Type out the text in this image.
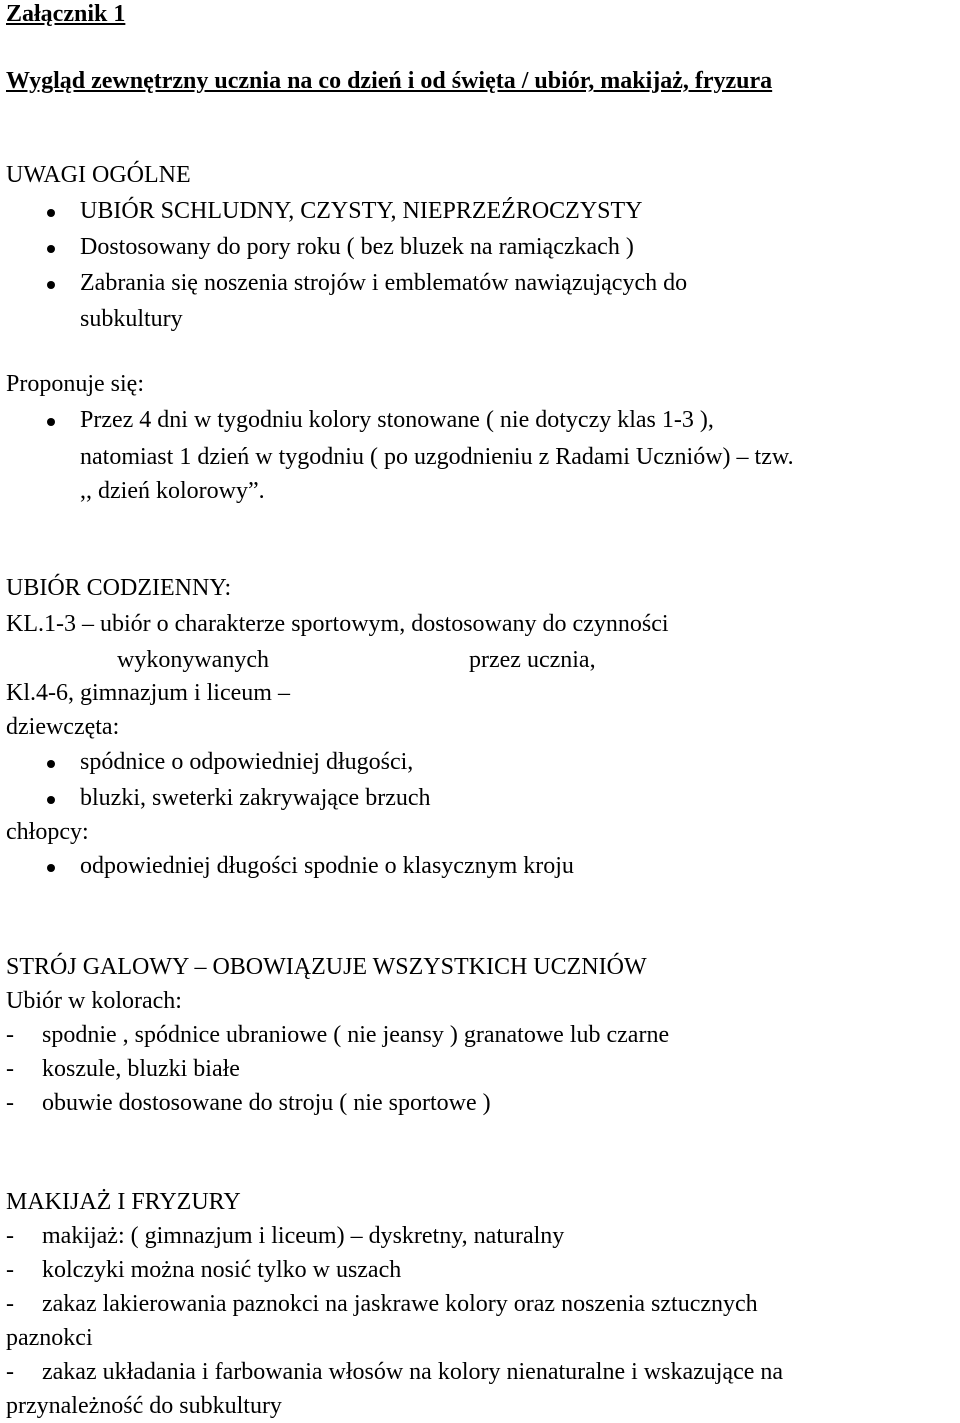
Załącznik 1
Wygląd zewnętrzny ucznia na co dzień i od święta / ubiór, makijaż, fryzura
UWAGI OGÓLNE
UBIÓR SCHLUDNY, CZYSTY, NIEPRZEŹROCZYSTY
Dostosowany do pory roku ( bez bluzek na ramiączkach )
Zabrania się noszenia strojów i emblematów nawiązujących do
subkultury
Proponuje się:
Przez 4 dni w tygodniu kolory stonowane ( nie dotyczy klas 1-3 ),
natomiast 1 dzień w tygodniu ( po uzgodnieniu z Radami Uczniów) – tzw.
,, dzień kolorowy”.
UBIÓR CODZIENNY:
KL.1-3 – ubiór o charakterze sportowym, dostosowany do czynności
wykonywanych	przez ucznia,
Kl.4-6, gimnazjum i liceum –
dziewczęta:
spódnice o odpowiedniej długości,
bluzki, sweterki zakrywające brzuch
chłopcy:
odpowiedniej długości spodnie o klasycznym kroju
STRÓJ GALOWY – OBOWIĄZUJE WSZYSTKICH UCZNIÓW
Ubiór w kolorach:
- spodnie , spódnice ubraniowe ( nie jeansy ) granatowe lub czarne
- koszule, bluzki białe
- obuwie dostosowane do stroju ( nie sportowe )
MAKIJAŻ I FRYZURY
- makijaż: ( gimnazjum i liceum) – dyskretny, naturalny
- kolczyki można nosić tylko w uszach
- zakaz lakierowania paznokci na jaskrawe kolory oraz noszenia sztucznych
paznokci
- zakaz układania i farbowania włosów na kolory nienaturalne i wskazujące na
przynależność do subkultury
